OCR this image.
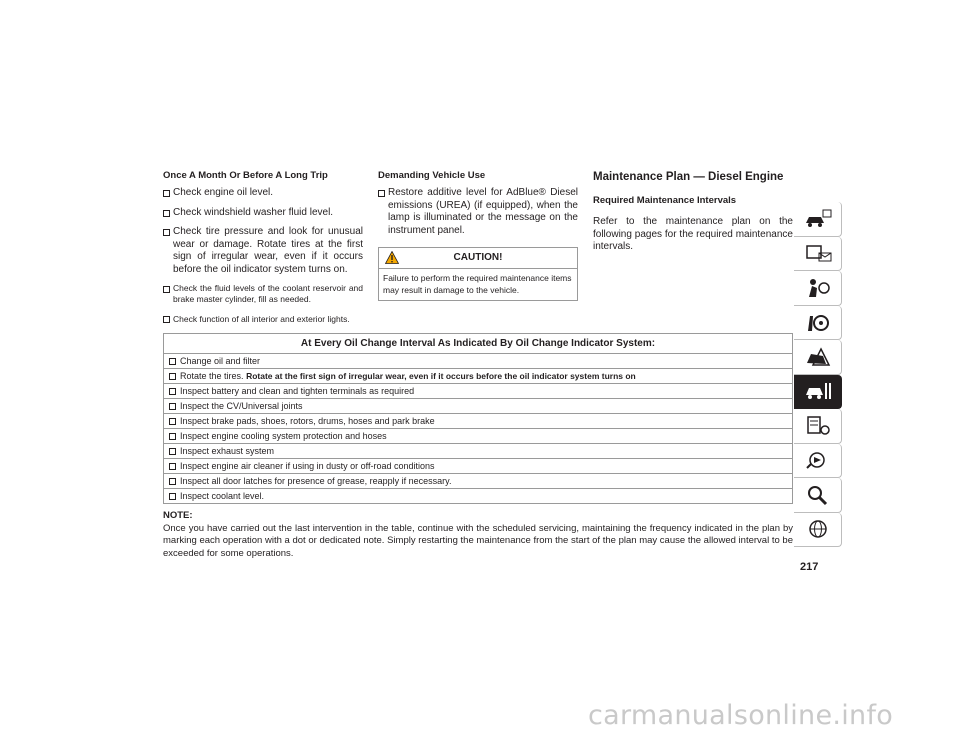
Once A Month Or Before A Long Trip
Check engine oil level.
Check windshield washer fluid level.
Check tire pressure and look for unusual wear or damage. Rotate tires at the first sign of irregular wear, even if it occurs before the oil indicator system turns on.
Check the fluid levels of the coolant reservoir and brake master cylinder, fill as needed.
Check function of all interior and exterior lights.
Demanding Vehicle Use
Restore additive level for AdBlue® Diesel emissions (UREA) (if equipped), when the lamp is illuminated or the message on the instrument panel.
CAUTION!
Failure to perform the required maintenance items may result in damage to the vehicle.
Maintenance Plan — Diesel Engine
Required Maintenance Intervals

Refer to the maintenance plan on the following pages for the required maintenance intervals.

At Every Oil Change Interval As Indicated By Oil Change Indicator System:
Change oil and filter
Rotate the tires. Rotate at the first sign of irregular wear, even if it occurs before the oil indicator system turns on
Inspect battery and clean and tighten terminals as required
Inspect the CV/Universal joints
Inspect brake pads, shoes, rotors, drums, hoses and park brake
Inspect engine cooling system protection and hoses
Inspect exhaust system
Inspect engine air cleaner if using in dusty or off-road conditions
Inspect all door latches for presence of grease, reapply if necessary.
Inspect coolant level.
NOTE:
Once you have carried out the last intervention in the table, continue with the scheduled servicing, maintaining the frequency indicated in the plan by marking each operation with a dot or dedicated note. Simply restarting the maintenance from the start of the plan may cause the allowed interval to be exceeded for some operations.
217
carmanualsonline.info
